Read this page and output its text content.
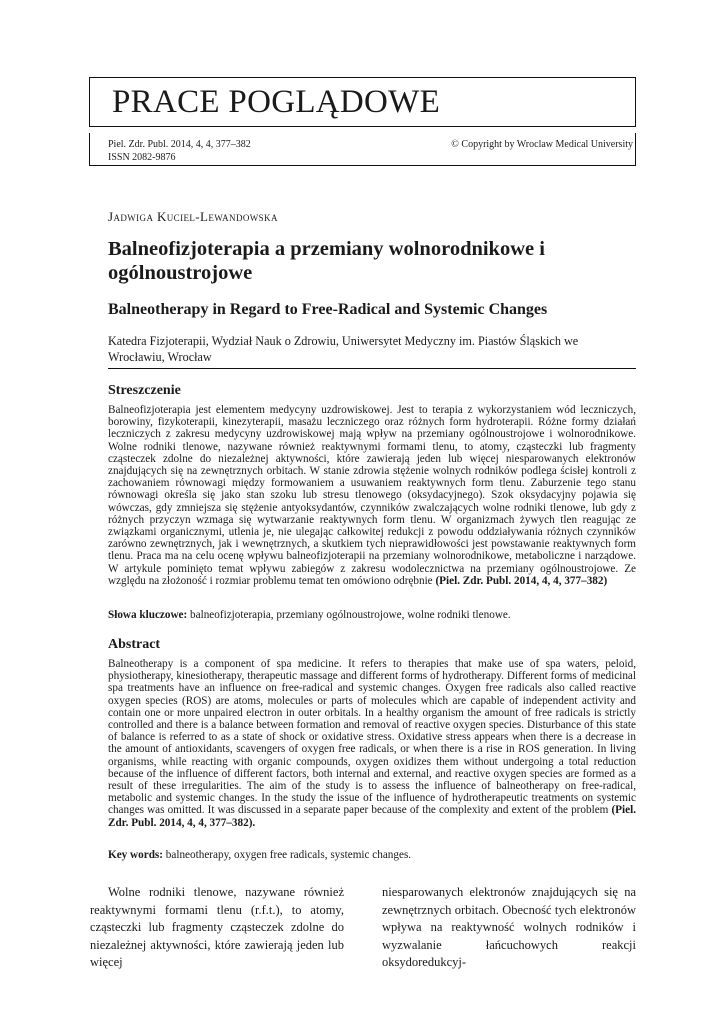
PRACE POGLĄDOWE
Piel. Zdr. Publ. 2014, 4, 4, 377–382
ISSN 2082-9876
© Copyright by Wroclaw Medical University
Jadwiga Kuciel-Lewandowska
Balneofizjoterapia a przemiany wolnorodnikowe i ogólnoustrojowe
Balneotherapy in Regard to Free-Radical and Systemic Changes
Katedra Fizjoterapii, Wydział Nauk o Zdrowiu, Uniwersytet Medyczny im. Piastów Śląskich we Wrocławiu, Wrocław
Streszczenie

Balneofizjoterapia jest elementem medycyny uzdrowiskowej. Jest to terapia z wykorzystaniem wód leczniczych, borowiny, fizykoterapii, kinezyterapii, masażu leczniczego oraz różnych form hydroterapii. Różne formy działań leczniczych z zakresu medycyny uzdrowiskowej mają wpływ na przemiany ogólnoustrojowe i wolnorodnikowe. Wolne rodniki tlenowe, nazywane również reaktywnymi formami tlenu, to atomy, cząsteczki lub fragmenty cząsteczek zdolne do niezależnej aktywności, które zawierają jeden lub więcej niesparowanych elektronów znajdujących się na zewnętrznych orbitach. W stanie zdrowia stężenie wolnych rodników podlega ścisłej kontroli z zachowaniem równowagi między formowaniem a usuwaniem reaktywnych form tlenu. Zaburzenie tego stanu równowagi określa się jako stan szoku lub stresu tlenowego (oksydacyjnego). Szok oksydacyjny pojawia się wówczas, gdy zmniejsza się stężenie antyoksydantów, czynników zwalczających wolne rodniki tlenowe, lub gdy z różnych przyczyn wzmaga się wytwarzanie reaktywnych form tlenu. W organizmach żywych tlen reagując ze związkami organicznymi, utlenia je, nie ulegając całkowitej redukcji z powodu oddziaływania różnych czynników zarówno zewnętrznych, jak i wewnętrznych, a skutkiem tych nieprawidłowości jest powstawanie reaktywnych form tlenu. Praca ma na celu ocenę wpływu balneofizjoterapii na przemiany wolnorodnikowe, metaboliczne i narządowe. W artykule pominięto temat wpływu zabiegów z zakresu wodolecznictwa na przemiany ogólnoustrojowe. Ze względu na złożoność i rozmiar problemu temat ten omówiono odrębnie (Piel. Zdr. Publ. 2014, 4, 4, 377–382)

Słowa kluczowe: balneofizjoterapia, przemiany ogólnoustrojowe, wolne rodniki tlenowe.

Abstract

Balneotherapy is a component of spa medicine. It refers to therapies that make use of spa waters, peloid, physiotherapy, kinesiotherapy, therapeutic massage and different forms of hydrotherapy. Different forms of medicinal spa treatments have an influence on free-radical and systemic changes. Oxygen free radicals also called reactive oxygen species (ROS) are atoms, molecules or parts of molecules which are capable of independent activity and contain one or more unpaired electron in outer orbitals. In a healthy organism the amount of free radicals is strictly controlled and there is a balance between formation and removal of reactive oxygen species. Disturbance of this state of balance is referred to as a state of shock or oxidative stress. Oxidative stress appears when there is a decrease in the amount of antioxidants, scavengers of oxygen free radicals, or when there is a rise in ROS generation. In living organisms, while reacting with organic compounds, oxygen oxidizes them without undergoing a total reduction because of the influence of different factors, both internal and external, and reactive oxygen species are formed as a result of these irregularities. The aim of the study is to assess the influence of balneotherapy on free-radical, metabolic and systemic changes. In the study the issue of the influence of hydrotherapeutic treatments on systemic changes was omitted. It was discussed in a separate paper because of the complexity and extent of the problem (Piel. Zdr. Publ. 2014, 4, 4, 377–382).

Key words: balneotherapy, oxygen free radicals, systemic changes.

Wolne rodniki tlenowe, nazywane również reaktywnymi formami tlenu (r.f.t.), to atomy, cząsteczki lub fragmenty cząsteczek zdolne do niezależnej aktywności, które zawierają jeden lub więcej

niesparowanych elektronów znajdujących się na zewnętrznych orbitach. Obecność tych elektronów wpływa na reaktywność wolnych rodników i wyzwalanie łańcuchowych reakcji oksydoredukcyj-
